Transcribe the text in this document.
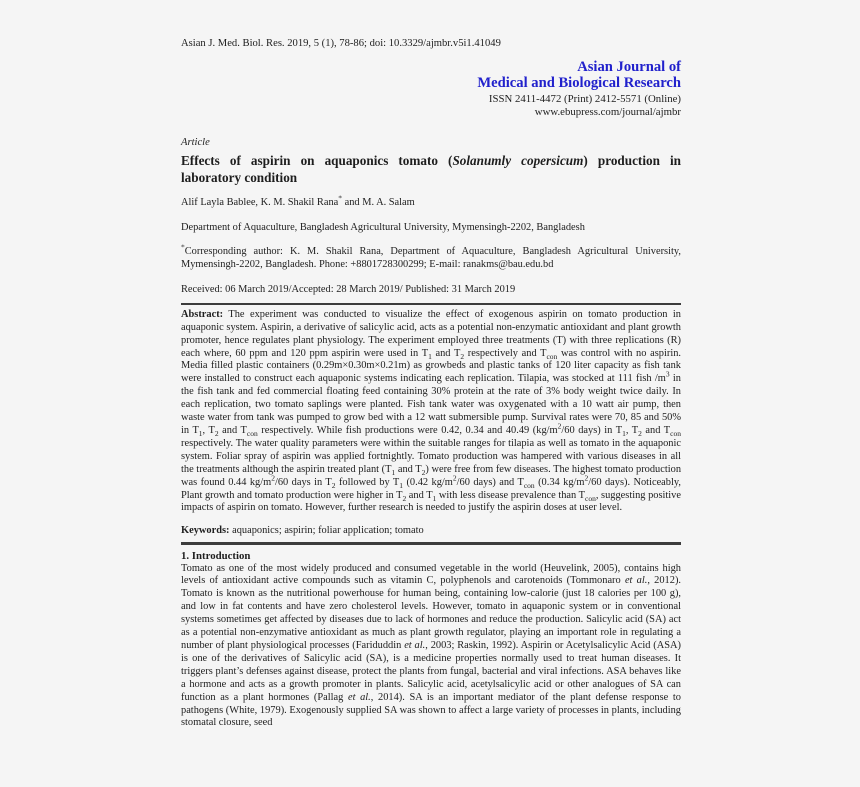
Asian J. Med. Biol. Res. 2019, 5 (1), 78-86; doi: 10.3329/ajmbr.v5i1.41049
Asian Journal of
Medical and Biological Research
ISSN 2411-4472 (Print) 2412-5571 (Online)
www.ebupress.com/journal/ajmbr
Article
Effects of aspirin on aquaponics tomato (Solanumly copersicum) production in laboratory condition
Alif Layla Bablee, K. M. Shakil Rana* and M. A. Salam
Department of Aquaculture, Bangladesh Agricultural University, Mymensingh-2202, Bangladesh
*Corresponding author: K. M. Shakil Rana, Department of Aquaculture, Bangladesh Agricultural University, Mymensingh-2202, Bangladesh. Phone: +8801728300299; E-mail: ranakms@bau.edu.bd
Received: 06 March 2019/Accepted: 28 March 2019/ Published: 31 March 2019

Abstract: The experiment was conducted to visualize the effect of exogenous aspirin on tomato production in aquaponic system. Aspirin, a derivative of salicylic acid, acts as a potential non-enzymatic antioxidant and plant growth promoter, hence regulates plant physiology. The experiment employed three treatments (T) with three replications (R) each where, 60 ppm and 120 ppm aspirin were used in $T_1$ and $T_2$ respectively and $T_{con}$ was control with no aspirin. Media filled plastic containers (0.29m×0.30m×0.21m) as growbeds and plastic tanks of 120 liter capacity as fish tank were installed to construct each aquaponic systems indicating each replication. Tilapia, was stocked at 111 fish $/m^3$ in the fish tank and fed commercial floating feed containing 30% protein at the rate of 3% body weight twice daily. In each replication, two tomato saplings were planted. Fish tank water was oxygenated with a 10 watt air pump, then waste water from tank was pumped to grow bed with a 12 watt submersible pump. Survival rates were 70, 85 and 50% in $T_1$, $T_2$ and $T_{con}$ respectively. While fish productions were 0.42, 0.34 and 40.49 ($kg/m^2/60$ days) in $T_1$, $T_2$ and $T_{con}$ respectively. The water quality parameters were within the suitable ranges for tilapia as well as tomato in the aquaponic system. Foliar spray of aspirin was applied fortnightly. Tomato production was hampered with various diseases in all the treatments although the aspirin treated plant ($T_1$ and $T_2$) were free from few diseases. The highest tomato production was found 0.44 $kg/m^2/60$ days in $T_2$ followed by $T_1$ (0.42 $kg/m^2/60$ days) and $T_{con}$ (0.34 $kg/m^2/60$ days). Noticeably, Plant growth and tomato production were higher in $T_2$ and $T_1$ with less disease prevalence than $T_{con}$, suggesting positive impacts of aspirin on tomato. However, further research is needed to justify the aspirin doses at user level.

Keywords: aquaponics; aspirin; foliar application; tomato

1. Introduction

Tomato as one of the most widely produced and consumed vegetable in the world (Heuvelink, 2005), contains high levels of antioxidant active compounds such as vitamin C, polyphenols and carotenoids (Tommonaro et al., 2012). Tomato is known as the nutritional powerhouse for human being, containing low-calorie (just 18 calories per 100 g), and low in fat contents and have zero cholesterol levels. However, tomato in aquaponic system or in conventional systems sometimes get affected by diseases due to lack of hormones and reduce the production. Salicylic acid (SA) act as a potential non-enzymative antioxidant as much as plant growth regulator, playing an important role in regulating a number of plant physiological processes (Fariduddin et al., 2003; Raskin, 1992). Aspirin or Acetylsalicylic Acid (ASA) is one of the derivatives of Salicylic acid (SA), is a medicine properties normally used to treat human diseases. It triggers plant’s defenses against disease, protect the plants from fungal, bacterial and viral infections. ASA behaves like a hormone and acts as a growth promoter in plants. Salicylic acid, acetylsalicylic acid or other analogues of SA can function as a plant hormones (Pallag et al., 2014). SA is an important mediator of the plant defense response to pathogens (White, 1979). Exogenously supplied SA was shown to affect a large variety of processes in plants, including stomatal closure, seed
